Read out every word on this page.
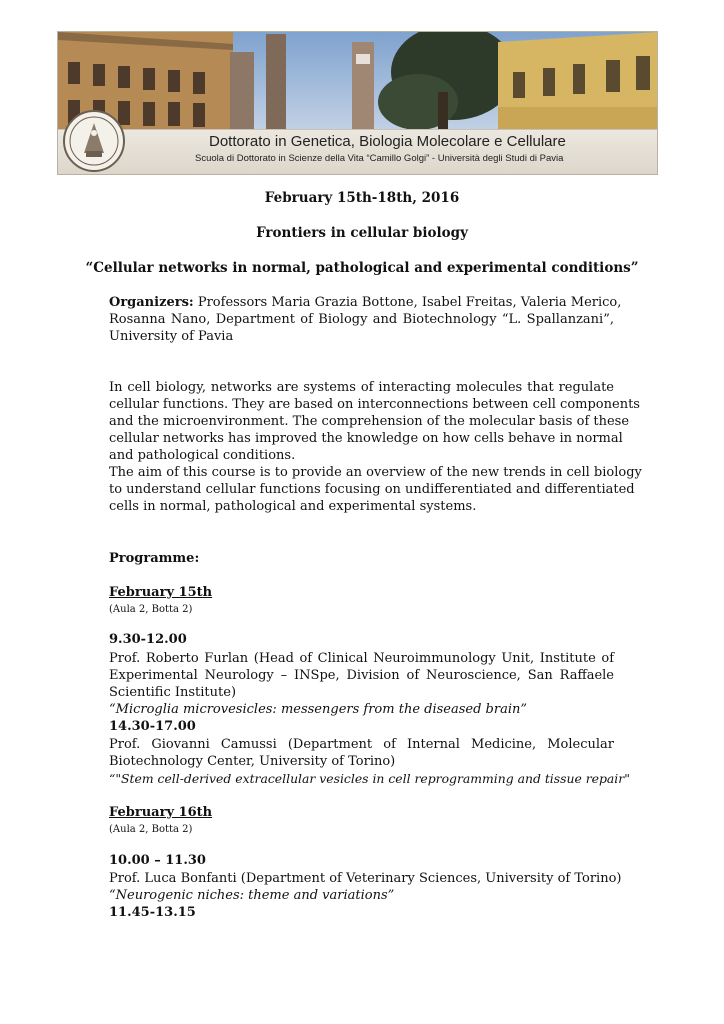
Dottorato in Genetica, Biologia Molecolare e Cellulare
Scuola di Dottorato in Scienze della Vita “Camillo Golgi” - Università degli Studi di Pavia
February 15th-18th, 2016
Frontiers in cellular biology
“Cellular networks in normal, pathological and experimental conditions”
Organizers: Professors Maria Grazia Bottone, Isabel Freitas, Valeria Merico,
Rosanna Nano, Department of Biology and Biotechnology “L. Spallanzani”,
University of Pavia
In cell biology, networks are systems of interacting molecules that regulate
cellular functions. They are based on interconnections between cell components
and the microenvironment. The comprehension of the molecular basis of these
cellular networks has improved the knowledge on how cells behave in normal
and pathological conditions.
The aim of this course is to provide an overview of the new trends in cell biology
to understand cellular functions focusing on undifferentiated and differentiated
cells in normal, pathological and experimental systems.
Programme:
February 15th
(Aula 2, Botta 2)
9.30-12.00
Prof. Roberto Furlan (Head of Clinical Neuroimmunology Unit, Institute of
Experimental Neurology – INSpe, Division of Neuroscience, San Raffaele
Scientific Institute)
“Microglia microvesicles: messengers from the diseased brain”
14.30-17.00
Prof. Giovanni Camussi (Department of Internal Medicine, Molecular
Biotechnology Center, University of Torino)
“"Stem cell-derived extracellular vesicles in cell reprogramming and tissue repair"
February 16th
(Aula 2, Botta 2)
10.00 – 11.30
Prof. Luca Bonfanti (Department of Veterinary Sciences, University of Torino)
“Neurogenic niches: theme and variations”
11.45-13.15
